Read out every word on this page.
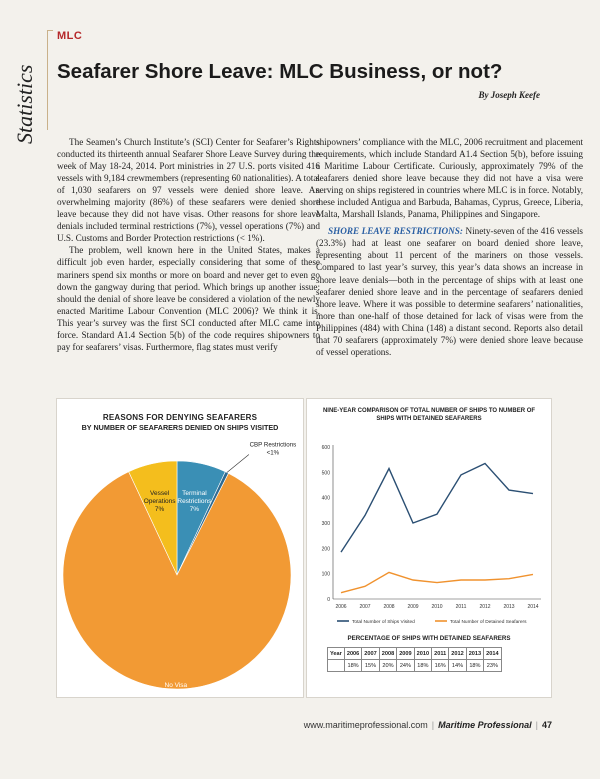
Statistics
MLC
Seafarer Shore Leave: MLC Business, or not?
By Joseph Keefe

The Seamen’s Church Institute’s (SCI) Center for Seafarer’s Rights conducted its thirteenth annual Seafarer Shore Leave Survey during the week of May 18-24, 2014. Port ministries in 27 U.S. ports visited 416 vessels with 9,184 crewmembers (representing 60 nationalities). A total of 1,030 seafarers on 97 vessels were denied shore leave. An overwhelming majority (86%) of these seafarers were denied shore leave because they did not have visas. Other reasons for shore leave denials included terminal restrictions (7%), vessel operations (7%) and U.S. Customs and Border Protection restrictions (< 1%).

The problem, well known here in the United States, makes a difficult job even harder, especially considering that some of these mariners spend six months or more on board and never get to even go down the gangway during that period. Which brings up another issue: should the denial of shore leave be considered a violation of the newly enacted Maritime Labour Convention (MLC 2006)? We think it is. This year’s survey was the first SCI conducted after MLC came into force. Standard A1.4 Section 5(b) of the code requires shipowners to pay for seafarers’ visas. Furthermore, flag states must verify

shipowners’ compliance with the MLC, 2006 recruitment and placement requirements, which include Standard A1.4 Section 5(b), before issuing a Maritime Labour Certificate. Curiously, approximately 79% of the seafarers denied shore leave because they did not have a visa were serving on ships registered in countries where MLC is in force. Notably, these included Antigua and Barbuda, Bahamas, Cyprus, Greece, Liberia, Malta, Marshall Islands, Panama, Philippines and Singapore.

SHORE LEAVE RESTRICTIONS: Ninety-seven of the 416 vessels (23.3%) had at least one seafarer on board denied shore leave, representing about 11 percent of the mariners on those vessels. Compared to last year’s survey, this year’s data shows an increase in shore leave denials—both in the percentage of ships with at least one seafarer denied shore leave and in the percentage of seafarers denied shore leave. Where it was possible to determine seafarers’ nationalities, more than one-half of those detained for lack of visas were from the Philippines (484) with China (148) a distant second. Reports also detail that 70 seafarers (approximately 7%) were denied shore leave because of vessel operations.

REASONS FOR DENYING SEAFARERS
BY NUMBER OF SEAFARERS DENIED ON SHIPS VISITED
No Visa 86%
Vessel Operations 7%
Terminal Restrictions 7%
CBP Restrictions <1%
NINE-YEAR COMPARISON OF TOTAL NUMBER OF SHIPS TO NUMBER OF
SHIPS WITH DETAINED SEAFARERS
0
100
200
300
400
500
600
2006	2007	2008	2009	2010	2011	2012	2013	2014
Total Number of Ships Visited	Total Number of Detained Seafarers
PERCENTAGE OF SHIPS WITH DETAINED SEAFARERS
Year	2006	2007	2008	2009	2010	2011	2012	2013	2014
	18%	15%	20%	24%	18%	16%	14%	18%	23%
www.maritimeprofessional.com | Maritime Professional | 47
